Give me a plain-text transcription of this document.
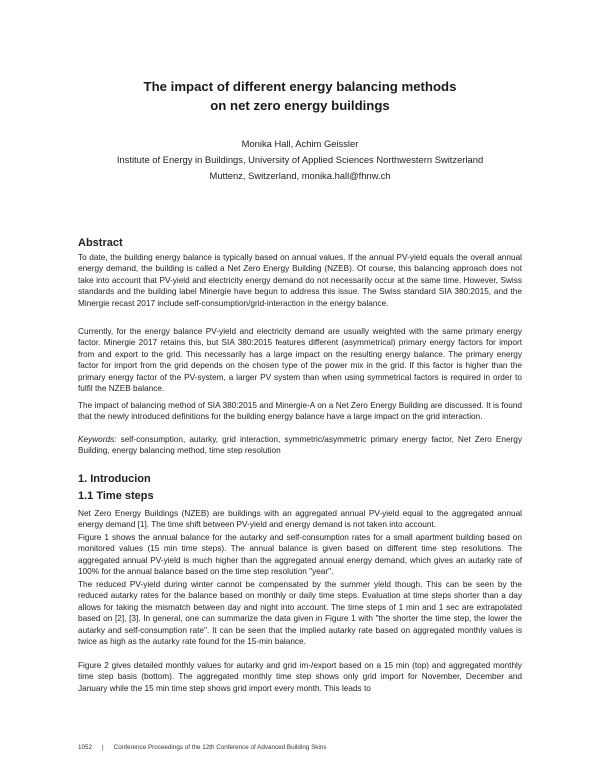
The impact of different energy balancing methods
on net zero energy buildings
Monika Hall, Achim Geissler
Institute of Energy in Buildings, University of Applied Sciences Northwestern Switzerland
Muttenz, Switzerland, monika.hall@fhnw.ch
Abstract
To date, the building energy balance is typically based on annual values. If the annual PV-yield equals the overall annual energy demand, the building is called a Net Zero Energy Building (NZEB). Of course, this balancing approach does not take into account that PV-yield and electricity energy demand do not necessarily occur at the same time. However, Swiss standards and the building label Minergie have begun to address this issue. The Swiss standard SIA 380:2015, and the Minergie recast 2017 include self-consumption/grid-interaction in the energy balance.
Currently, for the energy balance PV-yield and electricity demand are usually weighted with the same primary energy factor. Minergie 2017 retains this, but SIA 380:2015 features different (asymmetrical) primary energy factors for import from and export to the grid. This necessarily has a large impact on the resulting energy balance. The primary energy factor for import from the grid depends on the chosen type of the power mix in the grid. If this factor is higher than the primary energy factor of the PV-system, a larger PV system than when using symmetrical factors is required in order to fulfil the NZEB balance.
The impact of balancing method of SIA 380:2015 and Minergie-A on a Net Zero Energy Building are discussed. It is found that the newly introduced definitions for the building energy balance have a large impact on the grid interaction.
Keywords: self-consumption, autarky, grid interaction, symmetric/asymmetric primary energy factor, Net Zero Energy Building, energy balancing method, time step resolution
1. Introducion
1.1 Time steps
Net Zero Energy Buildings (NZEB) are buildings with an aggregated annual PV-yield equal to the aggregated annual energy demand [1]. The time shift between PV-yield and energy demand is not taken into account.
Figure 1 shows the annual balance for the autarky and self-consumption rates for a small apartment building based on monitored values (15 min time steps). The annual balance is given based on different time step resolutions. The aggregated annual PV-yield is much higher than the aggregated annual energy demand, which gives an autarky rate of 100% for the annual balance based on the time step resolution "year".
The reduced PV-yield during winter cannot be compensated by the summer yield though. This can be seen by the reduced autarky rates for the balance based on monthly or daily time steps. Evaluation at time steps shorter than a day allows for taking the mismatch between day and night into account. The time steps of 1 min and 1 sec are extrapolated based on [2], [3]. In general, one can summarize the data given in Figure 1 with "the shorter the time step, the lower the autarky and self-consumption rate". It can be seen that the implied autarky rate based on aggregated monthly values is twice as high as the autarky rate found for the 15-min balance.
Figure 2 gives detailed monthly values for autarky and grid im-/export based on a 15 min (top) and aggregated monthly time step basis (bottom). The aggregated monthly time step shows only grid import for November, December and January while the 15 min time step shows grid import every month. This leads to
1052 | Conference Proceedings of the 12th Conference of Advanced Building Skins
